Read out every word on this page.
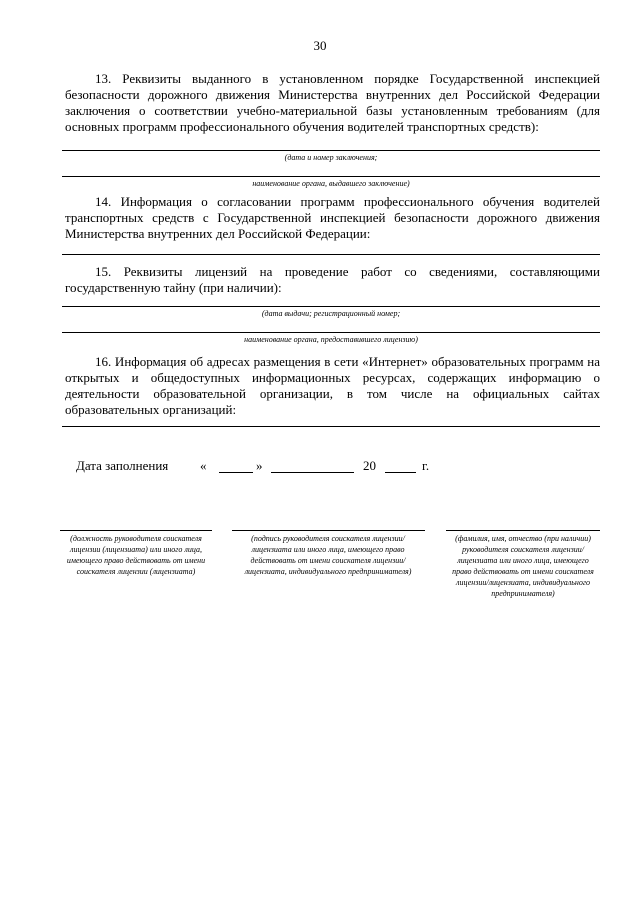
30

13. Реквизиты выданного в установленном порядке Государственной инспекцией безопасности дорожного движения Министерства внутренних дел Российской Федерации заключения о соответствии учебно-материальной базы установленным требованиям (для основных программ профессионального обучения водителей транспортных средств):

(дата и номер заключения;
наименование органа, выдавшего заключение)

14. Информация о согласовании программ профессионального обучения водителей транспортных средств с Государственной инспекцией безопасности дорожного движения Министерства внутренних дел Российской Федерации:

15. Реквизиты лицензий на проведение работ со сведениями, составляющими государственную тайну (при наличии):

(дата выдачи; регистрационный номер;
наименование органа, предоставившего лицензию)

16. Информация об адресах размещения в сети «Интернет» образовательных программ на открытых и общедоступных информационных ресурсах, содержащих информацию о деятельности образовательной организации, в том числе на официальных сайтах образовательных организаций:

Дата заполнения «	»	20	г.
(должность руководителя соискателя лицензии (лицензиата) или иного лица, имеющего право действовать от имени соискателя лицензии (лицензиата)
(подпись руководителя соискателя лицензии/лицензиата или иного лица, имеющего право действовать от имени соискателя лицензии/лицензиата, индивидуального предпринимателя)
(фамилия, имя, отчество (при наличии) руководителя соискателя лицензии/лицензиата или иного лица, имеющего право действовать от имени соискателя лицензии/лицензиата, индивидуального предпринимателя)
